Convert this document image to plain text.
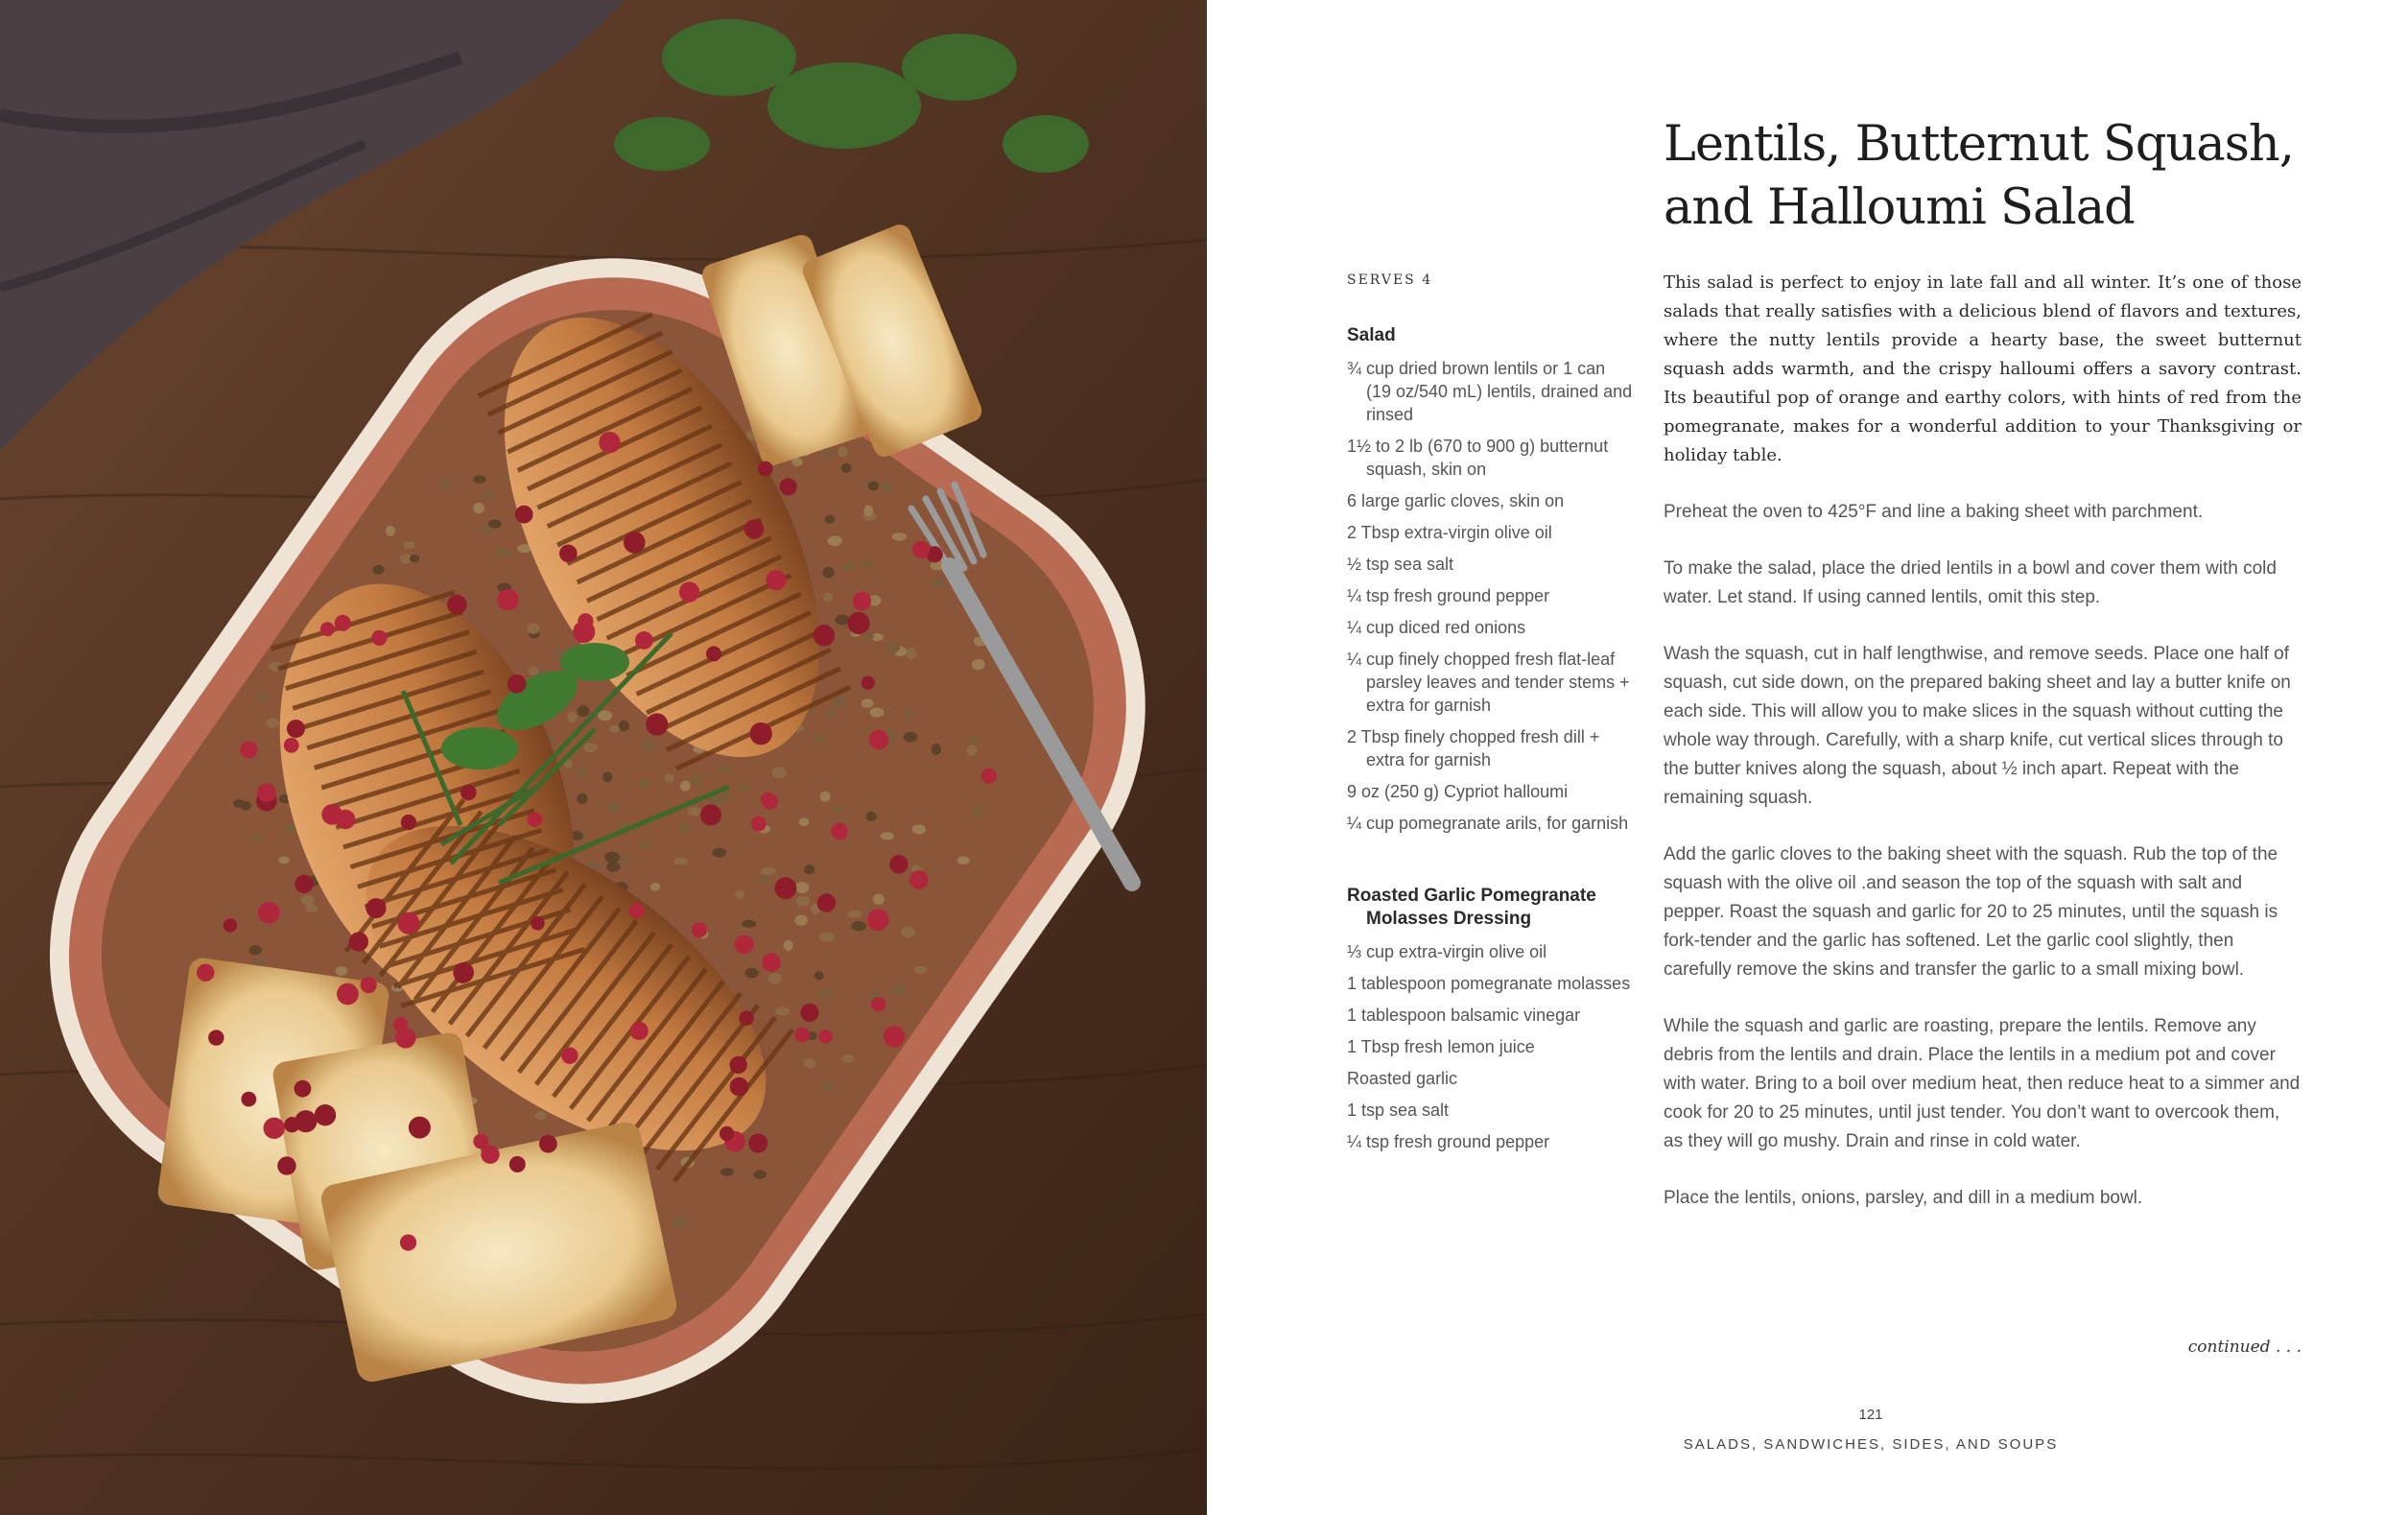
Lentils, Butternut Squash,
and Halloumi Salad

SERVES 4

Salad

¾ cup dried brown lentils or 1 can (19 oz/540 mL) lentils, drained and rinsed
1½ to 2 lb (670 to 900 g) butternut squash, skin on
6 large garlic cloves, skin on
2 Tbsp extra-virgin olive oil
½ tsp sea salt
¼ tsp fresh ground pepper
¼ cup diced red onions
¼ cup finely chopped fresh flat-leaf parsley leaves and tender stems + extra for garnish
2 Tbsp finely chopped fresh dill + extra for garnish
9 oz (250 g) Cypriot halloumi
¼ cup pomegranate arils, for garnish

Roasted Garlic Pomegranate Molasses Dressing

⅓ cup extra-virgin olive oil
1 tablespoon pomegranate molasses
1 tablespoon balsamic vinegar
1 Tbsp fresh lemon juice
Roasted garlic
1 tsp sea salt
¼ tsp fresh ground pepper

This salad is perfect to enjoy in late fall and all winter. It’s one of those salads that really satisfies with a delicious blend of flavors and textures, where the nutty lentils provide a hearty base, the sweet butternut squash adds warmth, and the crispy halloumi offers a savory contrast. Its beautiful pop of orange and earthy colors, with hints of red from the pomegranate, makes for a wonderful addition to your Thanksgiving or holiday table.

Preheat the oven to 425°F and line a baking sheet with parchment.

To make the salad, place the dried lentils in a bowl and cover them with cold water. Let stand. If using canned lentils, omit this step.

Wash the squash, cut in half lengthwise, and remove seeds. Place one half of squash, cut side down, on the prepared baking sheet and lay a butter knife on each side. This will allow you to make slices in the squash without cutting the whole way through. Carefully, with a sharp knife, cut vertical slices through to the butter knives along the squash, about ½ inch apart. Repeat with the remaining squash.

Add the garlic cloves to the baking sheet with the squash. Rub the top of the squash with the olive oil .and season the top of the squash with salt and pepper. Roast the squash and garlic for 20 to 25 minutes, until the squash is fork-tender and the garlic has softened. Let the garlic cool slightly, then carefully remove the skins and transfer the garlic to a small mixing bowl.

While the squash and garlic are roasting, prepare the lentils. Remove any debris from the lentils and drain. Place the lentils in a medium pot and cover with water. Bring to a boil over medium heat, then reduce heat to a simmer and cook for 20 to 25 minutes, until just tender. You don’t want to overcook them, as they will go mushy. Drain and rinse in cold water.

Place the lentils, onions, parsley, and dill in a medium bowl.

continued . . .
121
SALADS, SANDWICHES, SIDES, AND SOUPS
